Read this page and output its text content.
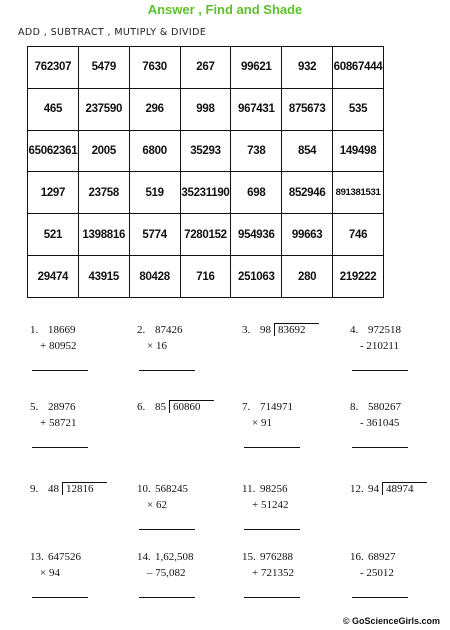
Answer , Find and Shade
ADD , SUBTRACT , MUTIPLY & DIVIDE
762307	5479	7630	267	99621	932	60867444
465	237590	296	998	967431	875673	535
65062361	2005	6800	35293	738	854	149498
1297	23758	519	35231190	698	852946	891381531
521	1398816	5774	7280152	954936	99663	746
29474	43915	80428	716	251063	280	219222
1. 18669
+ 80952
2. 87426
× 16
3. 98 83692	4. 972518
- 210211
5. 28976
+ 58721
6. 85 60860	7. 714971
× 91
8. 580267
- 361045
9. 48 12816	10. 568245
× 62
11. 98256
+ 51242
12. 94 48974
13. 647526
× 94
14. 1,62,508
– 75,082
15. 976288
+ 721352
16. 68927
- 25012
© GoScienceGirls.com
